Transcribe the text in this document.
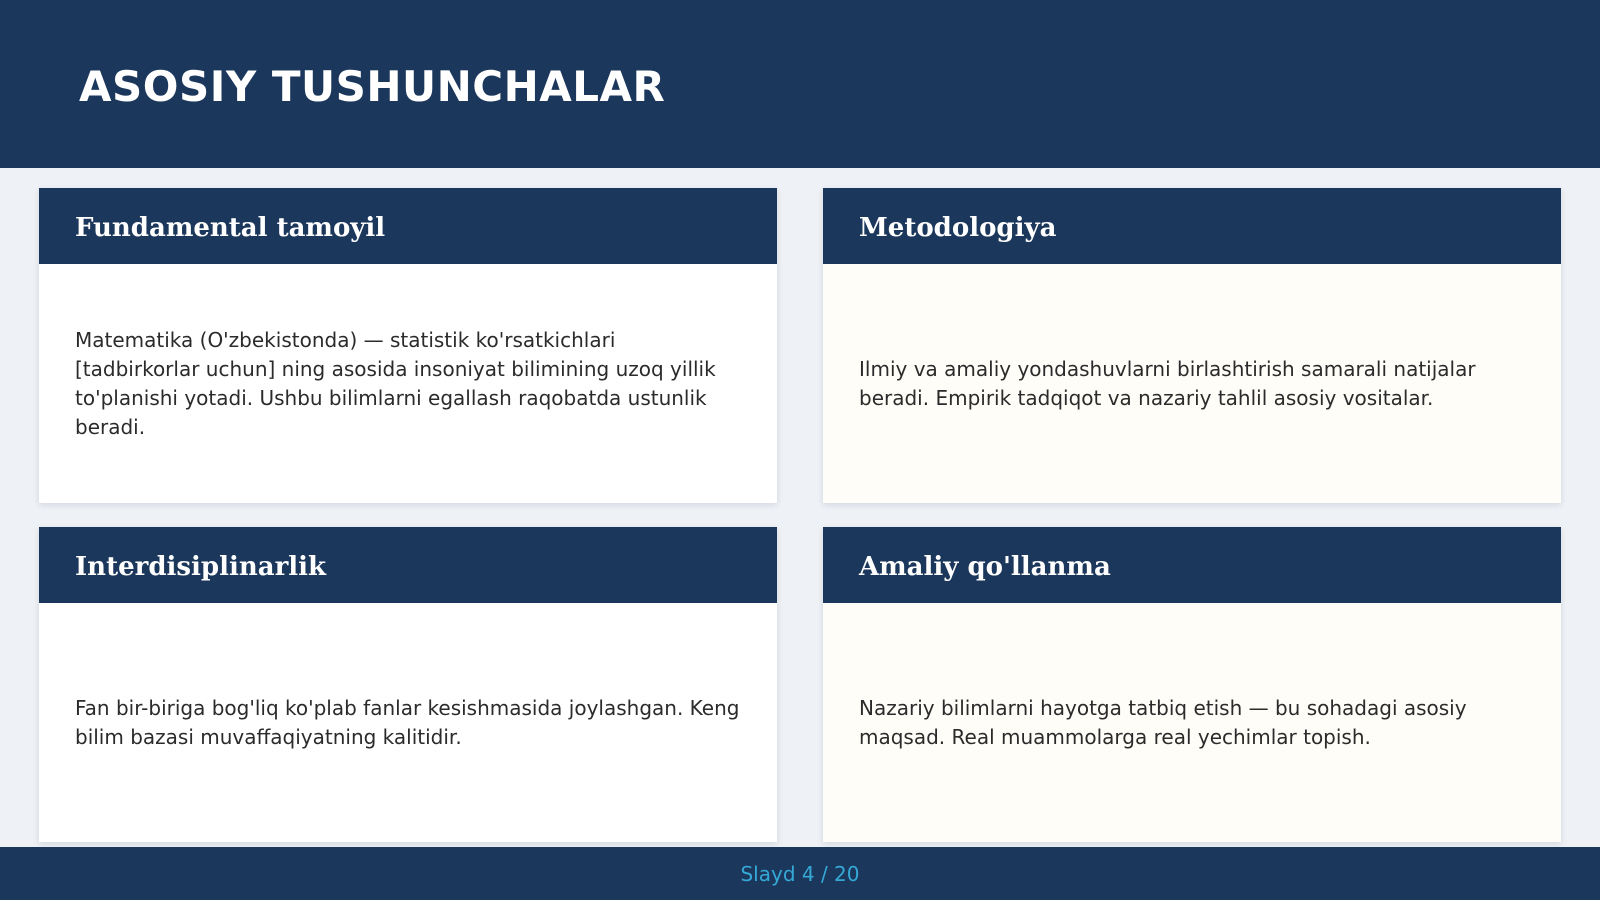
ASOSIY TUSHUNCHALAR
Fundamental tamoyil

Matematika (O'zbekistonda) — statistik ko'rsatkichlari [tadbirkorlar uchun] ning asosida insoniyat bilimining uzoq yillik to'planishi yotadi. Ushbu bilimlarni egallash raqobatda ustunlik beradi.

Metodologiya

Ilmiy va amaliy yondashuvlarni birlashtirish samarali natijalar beradi. Empirik tadqiqot va nazariy tahlil asosiy vositalar.

Interdisiplinarlik

Fan bir-biriga bog'liq ko'plab fanlar kesishmasida joylashgan. Keng bilim bazasi muvaffaqiyatning kalitidir.

Amaliy qo'llanma

Nazariy bilimlarni hayotga tatbiq etish — bu sohadagi asosiy maqsad. Real muammolarga real yechimlar topish.

Slayd 4 / 20
